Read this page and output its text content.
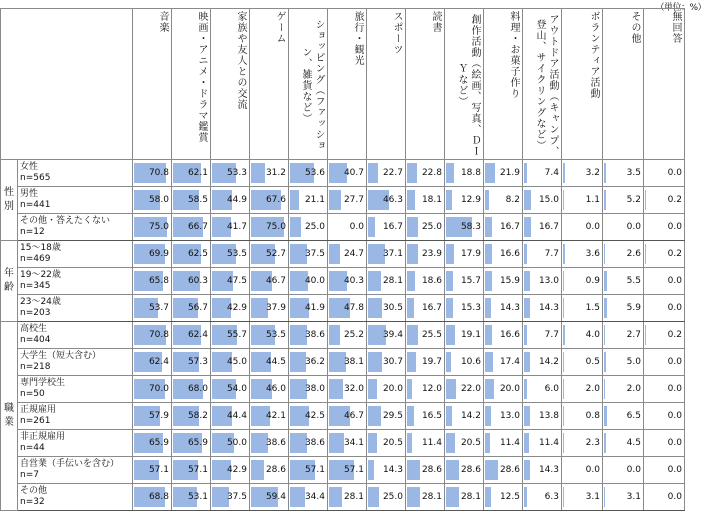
（単位：%）

		音楽	映画・アニメ・ドラマ鑑賞	家族や友人との交流	ゲーム	ショッピング（ファッション、雑貨など）	旅行・観光	スポーツ	読書	創作活動（絵画、写真、ＤＩＹなど）	料理・お菓子作り	アウトドア活動（キャンプ、登山、サイクリングなど）	ボランティア活動	その他	無回答

性別	女性
n=565	70.8	62.1	53.3	31.2	53.6	40.7	22.7	22.8	18.8	21.9	7.4	3.2	3.5	0.0

	男性
n=441	58.0	58.5	44.9	67.6	21.1	27.7	46.3	18.1	12.9	8.2	15.0	1.1	5.2	0.2

	その他・答えたくない
n=12	75.0	66.7	41.7	75.0	25.0	0.0	16.7	25.0	58.3	16.7	16.7	0.0	0.0	0.0

年齢	15～18歳
n=469	69.9	62.5	53.5	52.7	37.5	24.7	37.1	23.9	17.9	16.6	7.7	3.6	2.6	0.2

	19～22歳
n=345	65.8	60.3	47.5	46.7	40.0	40.3	28.1	18.6	15.7	15.9	13.0	0.9	5.5	0.0

	23～24歳
n=203	53.7	56.7	42.9	37.9	41.9	47.8	30.5	16.7	15.3	14.3	14.3	1.5	5.9	0.0

職業	高校生
n=404	70.8	62.4	55.7	53.5	38.6	25.2	39.4	25.5	19.1	16.6	7.7	4.0	2.7	0.2

	大学生（短大含む）
n=218	62.4	57.3	45.0	44.5	36.2	38.1	30.7	19.7	10.6	17.4	14.2	0.5	5.0	0.0

	専門学校生
n=50	70.0	68.0	54.0	46.0	38.0	32.0	20.0	12.0	22.0	20.0	6.0	2.0	2.0	0.0

	正規雇用
n=261	57.9	58.2	44.4	42.1	42.5	46.7	29.5	16.5	14.2	13.0	13.8	0.8	6.5	0.0

	非正規雇用
n=44	65.9	65.9	50.0	38.6	38.6	34.1	20.5	11.4	20.5	11.4	11.4	2.3	4.5	0.0

	自営業（手伝いを含む）
n=7	57.1	57.1	42.9	28.6	57.1	57.1	14.3	28.6	28.6	28.6	14.3	0.0	0.0	0.0

	その他
n=32	68.8	53.1	37.5	59.4	34.4	28.1	25.0	28.1	28.1	12.5	6.3	3.1	3.1	0.0
